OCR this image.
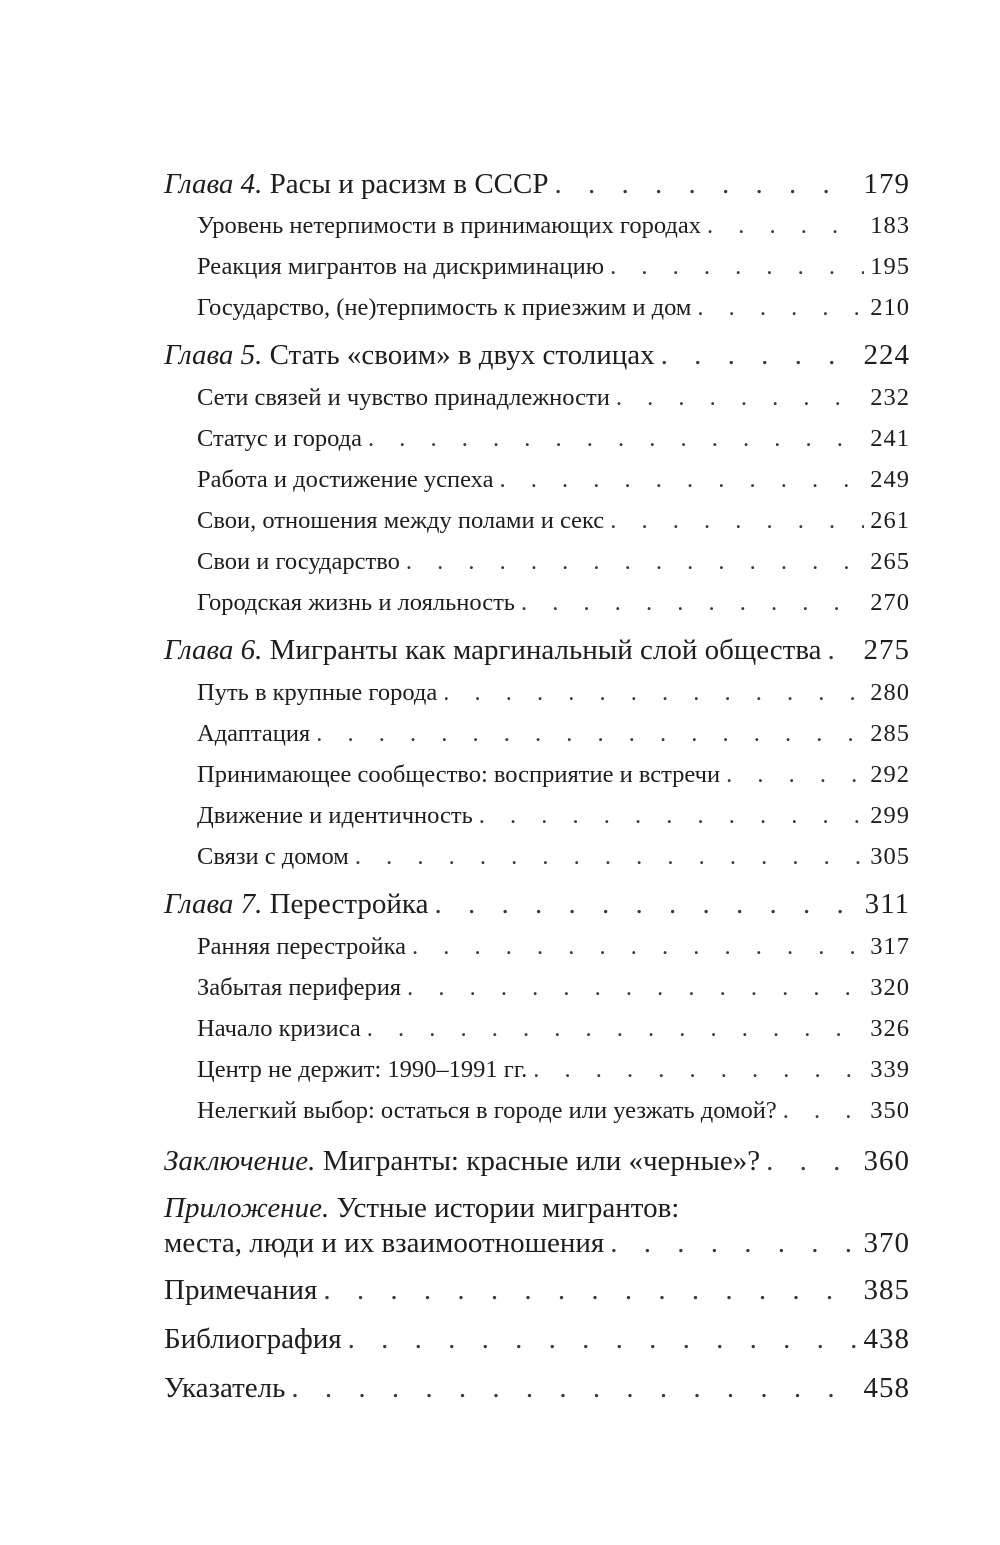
Глава 4. Расы и расизм в СССР . . .	179
Уровень нетерпимости в принимающих городах . . .	183
Реакция мигрантов на дискриминацию . . .	195
Государство, (не)терпимость к приезжим и дом . . .	210
Глава 5. Стать «своим» в двух столицах . . .	224
Сети связей и чувство принадлежности . . .	232
Статус и города . . .	241
Работа и достижение успеха . . .	249
Свои, отношения между полами и секс . . .	261
Свои и государство . . .	265
Городская жизнь и лояльность . . .	270
Глава 6. Мигранты как маргинальный слой общества . . . 275
Путь в крупные города . . .	280
Адаптация . . .	285
Принимающее сообщество: восприятие и встречи . . .	292
Движение и идентичность . . .	299
Связи с домом . . .	305
Глава 7. Перестройка . . .	311
Ранняя перестройка . . .	317
Забытая периферия . . .	320
Начало кризиса . . .	326
Центр не держит: 1990–1991 гг. . . .	339
Нелегкий выбор: остаться в городе или уезжать домой? . . .	350
Заключение. Мигранты: красные или «черные»? . . .	360
Приложение. Устные истории мигрантов:
места, люди и их взаимоотношения . . .	370
Примечания . . .	385
Библиография . . .	438
Указатель . . .	458
